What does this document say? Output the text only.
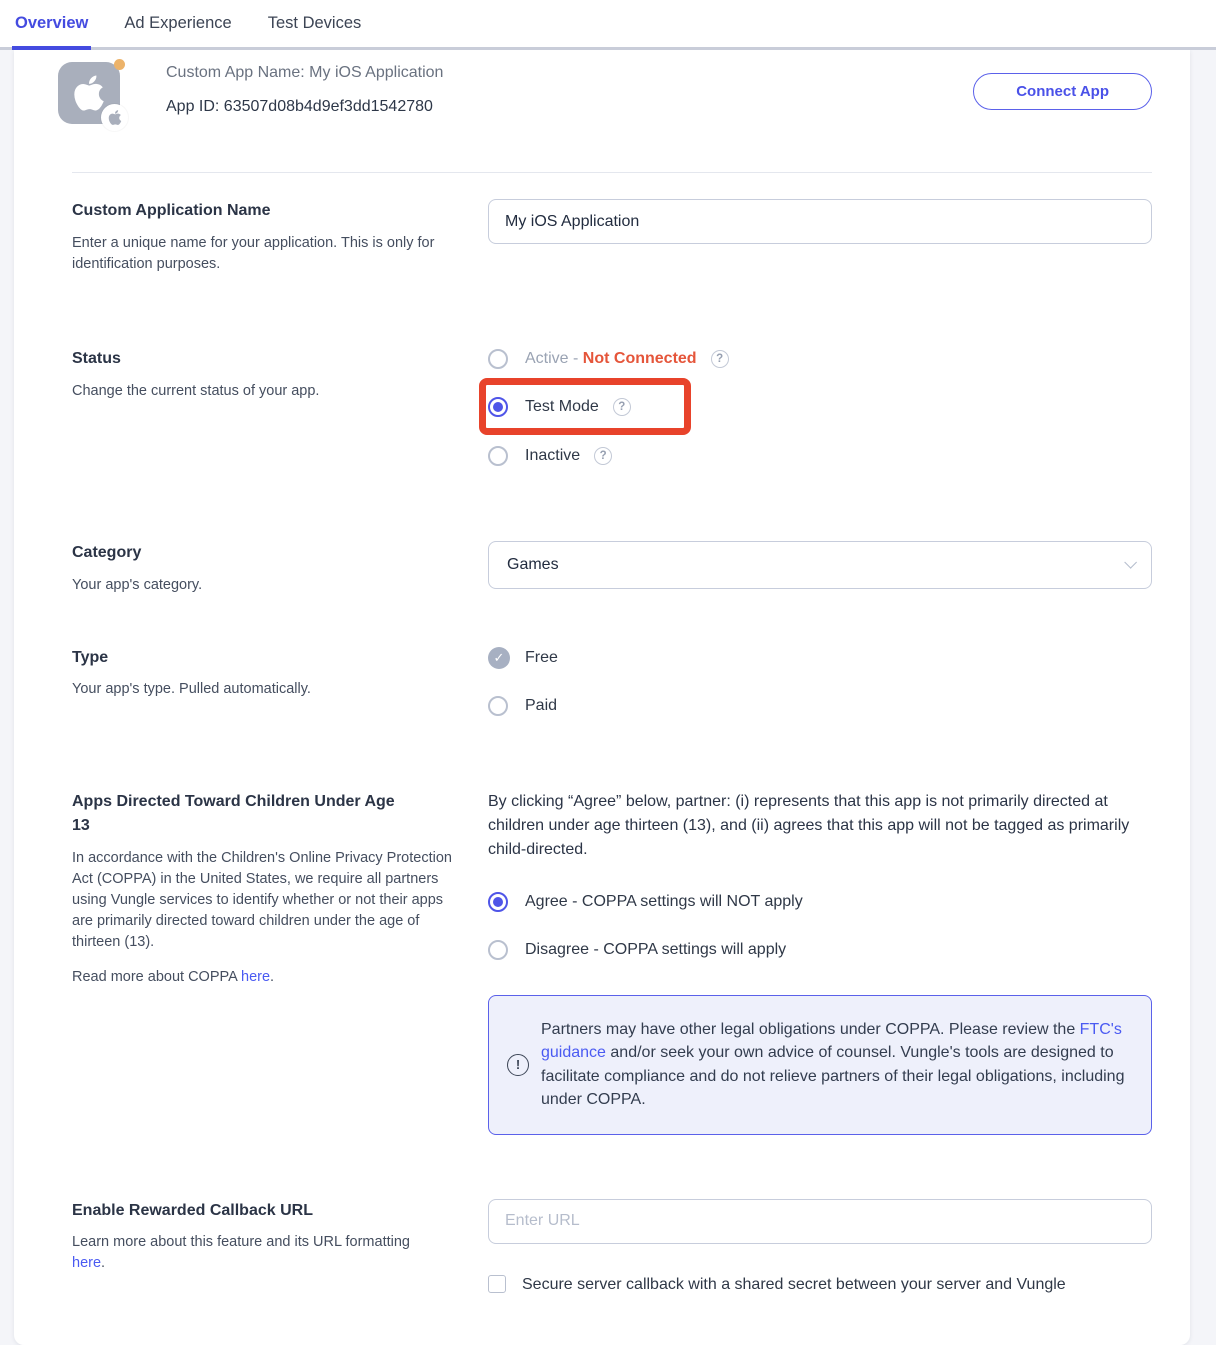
Overview Ad Experience Test Devices
Custom App Name: My iOS Application
App ID: 63507d08b4d9ef3dd1542780
Connect App

Custom Application Name

Enter a unique name for your application. This is only for identification purposes.

My iOS Application

Status

Change the current status of your app.

Active - Not Connected	?
Test Mode	?
Inactive	?

Category

Your app's category.

Games

Type

Your app's type. Pulled automatically.

✓	Free
Paid

Apps Directed Toward Children Under Age 13

In accordance with the Children's Online Privacy Protection Act (COPPA) in the United States, we require all partners using Vungle services to identify whether or not their apps are primarily directed toward children under the age of thirteen (13).

Read more about COPPA here.

By clicking “Agree” below, partner: (i) represents that this app is not primarily directed at children under age thirteen (13), and (ii) agrees that this app will not be tagged as primarily child-directed.

Agree - COPPA settings will NOT apply
Disagree - COPPA settings will apply
!

Partners may have other legal obligations under COPPA. Please review the FTC's guidance and/or seek your own advice of counsel. Vungle's tools are designed to facilitate compliance and do not relieve partners of their legal obligations, including under COPPA.

Enable Rewarded Callback URL

Learn more about this feature and its URL formatting
here.

Enter URL
Secure server callback with a shared secret between your server and Vungle
